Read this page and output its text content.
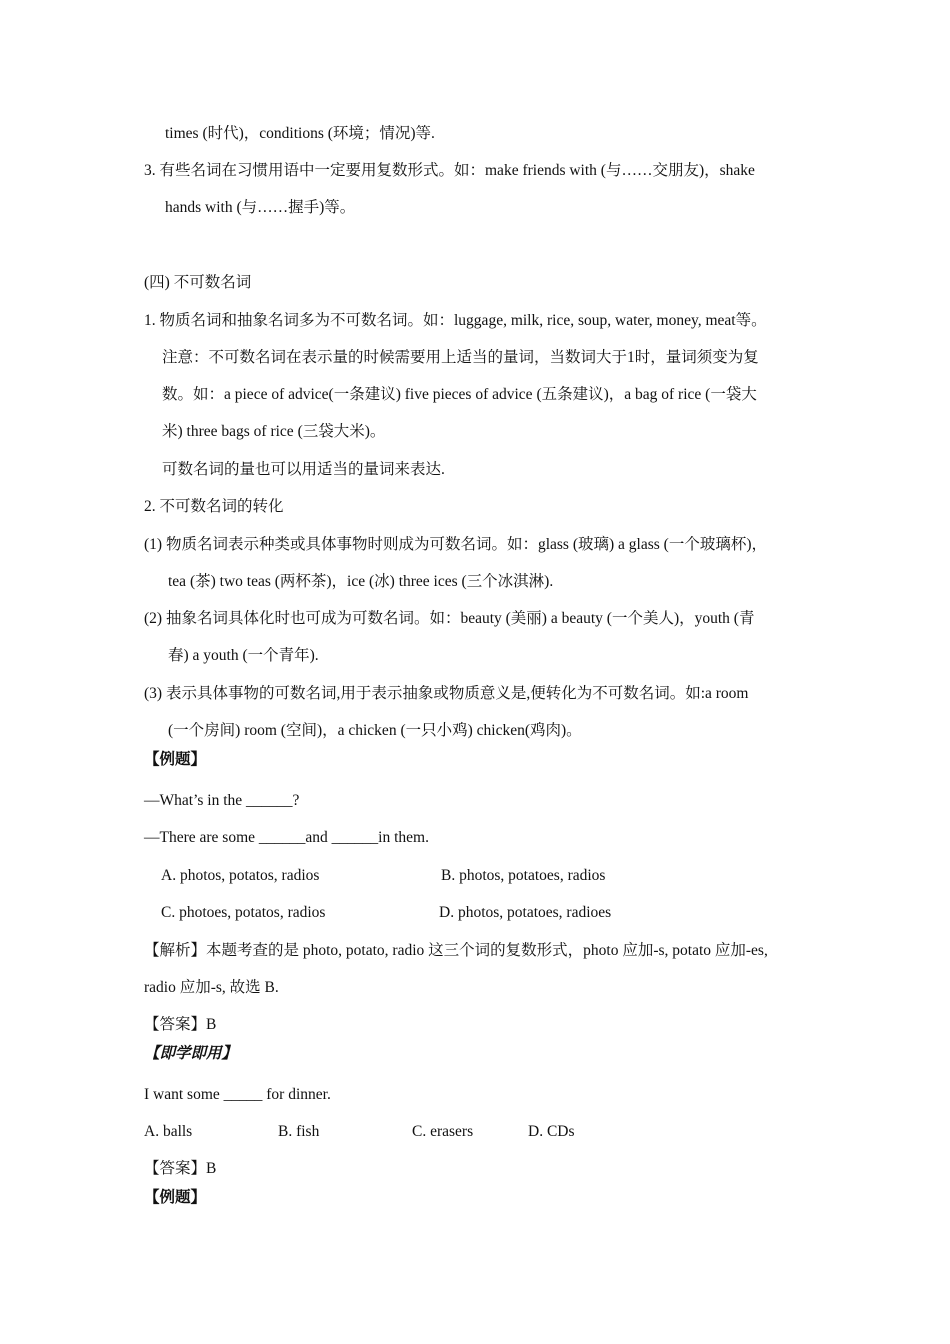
times (时代)，conditions (环境；情况)等.
3. 有些名词在习惯用语中一定要用复数形式。如：make friends with (与……交朋友)，shake
hands with (与……握手)等。
(四) 不可数名词
1. 物质名词和抽象名词多为不可数名词。如：luggage, milk, rice, soup, water, money, meat等。
注意：不可数名词在表示量的时候需要用上适当的量词，当数词大于1时，量词须变为复
数。如：a piece of advice(一条建议) five pieces of advice (五条建议)，a bag of rice (一袋大
米) three bags of rice (三袋大米)。
可数名词的量也可以用适当的量词来表达.
2. 不可数名词的转化
(1) 物质名词表示种类或具体事物时则成为可数名词。如：glass (玻璃) a glass (一个玻璃杯)，
tea (茶) two teas (两杯茶)，ice (冰) three ices (三个冰淇淋).
(2) 抽象名词具体化时也可成为可数名词。如：beauty (美丽) a beauty (一个美人)，youth (青
春) a youth (一个青年).
(3) 表示具体事物的可数名词,用于表示抽象或物质意义是,便转化为不可数名词。如:a room
(一个房间) room (空间)，a chicken (一只小鸡) chicken(鸡肉)。
【例题】
—What’s in the ______?
—There are some ______and ______in them.
A. photos, potatos, radios	B. photos, potatoes, radios
C. photoes, potatos, radios	D. photos, potatoes, radioes
【解析】本题考查的是 photo, potato, radio 这三个词的复数形式，photo 应加-s, potato 应加-es,
radio 应加-s, 故选 B.
【答案】B
【即学即用】
I want some _____ for dinner.
A. balls	B. fish	C. erasers	D. CDs
【答案】B
【例题】
